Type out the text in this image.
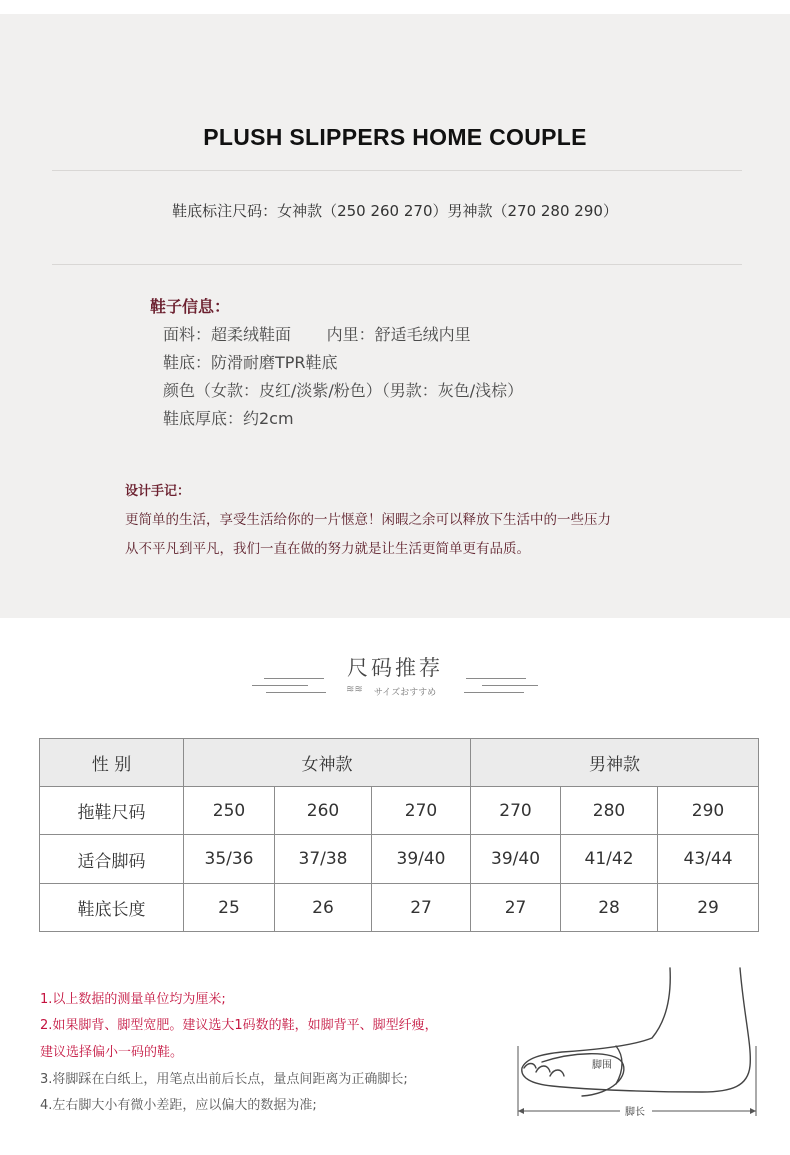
PLUSH SLIPPERS HOME COUPLE
鞋底标注尺码：女神款（250 260 270）男神款（270 280 290）
鞋子信息：
面料：超柔绒鞋面       内里：舒适毛绒内里
鞋底：防滑耐磨TPR鞋底
颜色（女款：皮红/淡紫/粉色）（男款：灰色/浅棕）
鞋底厚底：约2cm
设计手记：
更简单的生活，享受生活给你的一片惬意！闲暇之余可以释放下生活中的一些压力
从不平凡到平凡，我们一直在做的努力就是让生活更简单更有品质。
尺码推荐
≋≋	サイズおすすめ
性 别	女神款			男神款		
拖鞋尺码	250	260	270	270	280	290
适合脚码	35/36	37/38	39/40	39/40	41/42	43/44
鞋底长度	25	26	27	27	28	29
1.以上数据的测量单位均为厘米;
2.如果脚背、脚型宽肥。建议选大1码数的鞋，如脚背平、脚型纤瘦，
建议选择偏小一码的鞋。
3.将脚踩在白纸上，用笔点出前后长点，量点间距离为正确脚长;
4.左右脚大小有微小差距，应以偏大的数据为准;
脚围
脚长
